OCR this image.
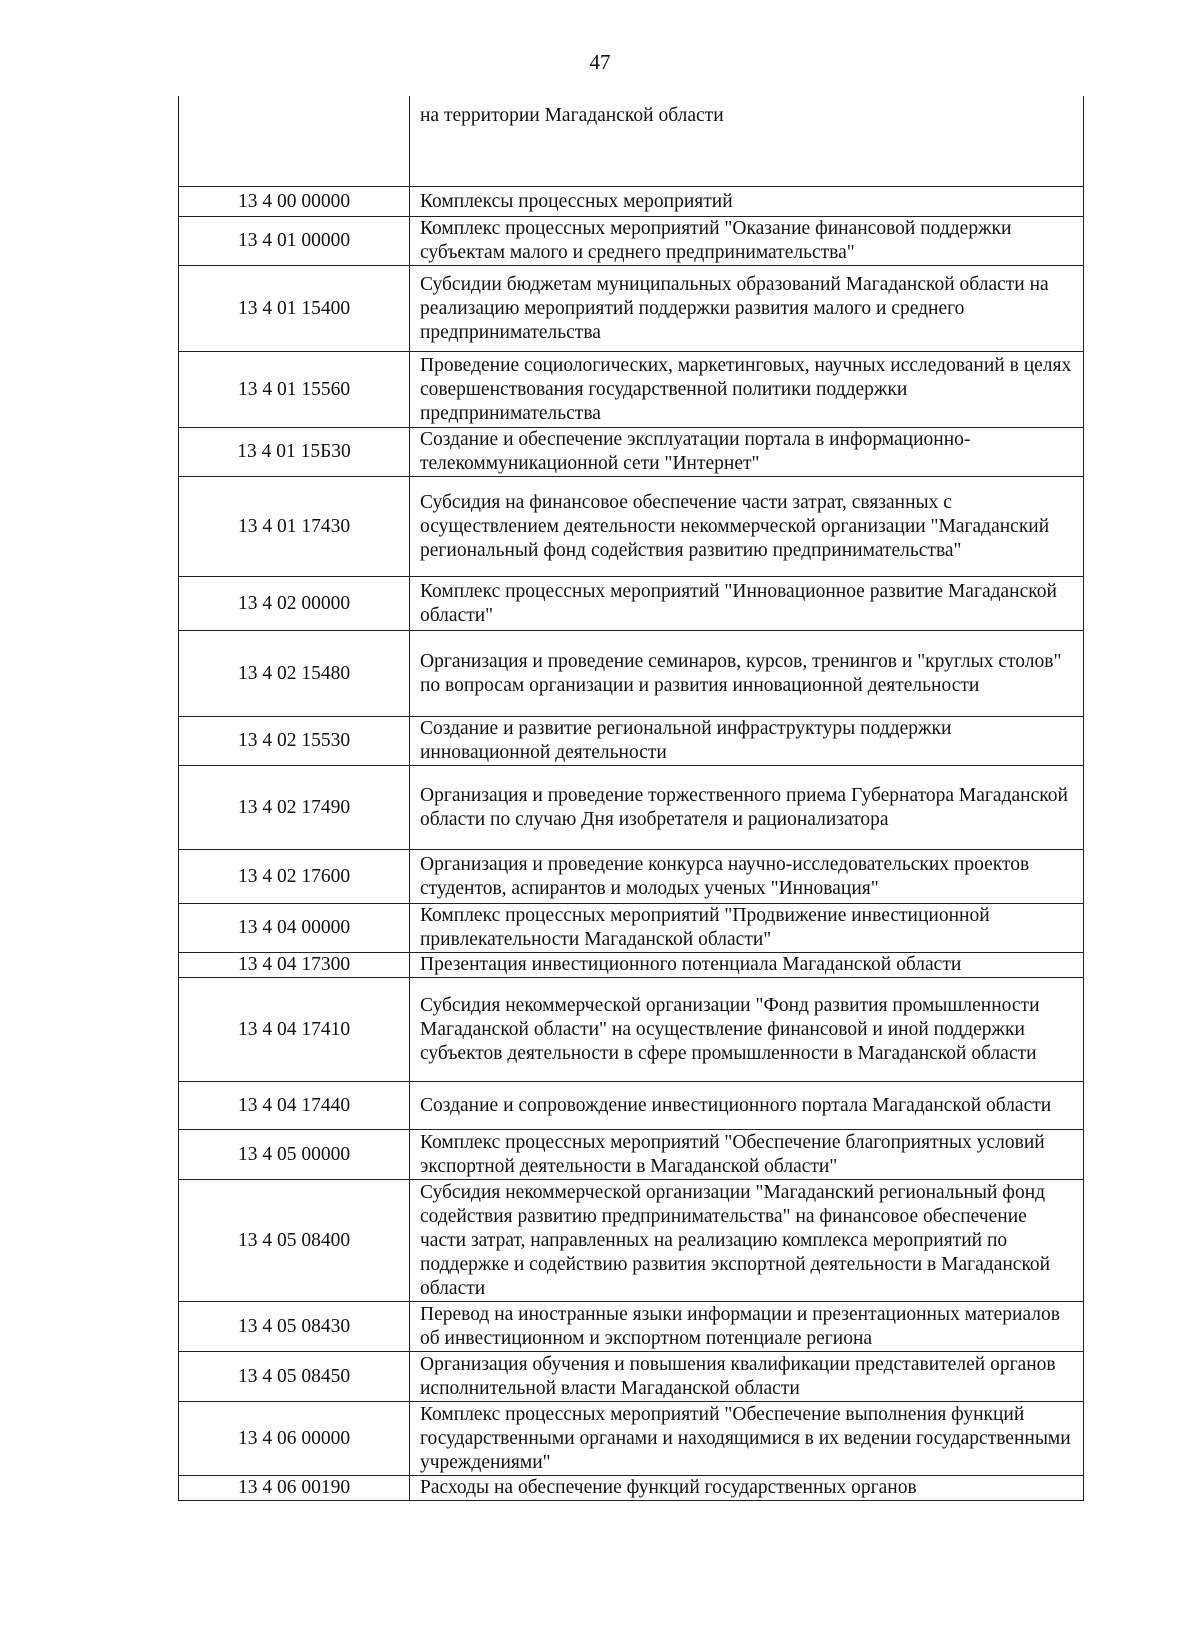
47
	на территории Магаданской области
13 4 00 00000	Комплексы процессных мероприятий
13 4 01 00000	Комплекс процессных мероприятий "Оказание финансовой поддержки субъектам малого и среднего предпринимательства"
13 4 01 15400	Субсидии бюджетам муниципальных образований Магаданской области на реализацию мероприятий поддержки развития малого и среднего предпринимательства
13 4 01 15560	Проведение социологических, маркетинговых, научных исследований в целях совершенствования государственной политики поддержки предпринимательства
13 4 01 15Б30	Создание и обеспечение эксплуатации портала в информационно-телекоммуникационной сети "Интернет"
13 4 01 17430	Субсидия на финансовое обеспечение части затрат, связанных с осуществлением деятельности некоммерческой организации "Магаданский региональный фонд содействия развитию предпринимательства"
13 4 02 00000	Комплекс процессных мероприятий "Инновационное развитие Магаданской области"
13 4 02 15480	Организация и проведение семинаров, курсов, тренингов и "круглых столов" по вопросам организации и развития инновационной деятельности
13 4 02 15530	Создание и развитие региональной инфраструктуры поддержки инновационной деятельности
13 4 02 17490	Организация и проведение торжественного приема Губернатора Магаданской области по случаю Дня изобретателя и рационализатора
13 4 02 17600	Организация и проведение конкурса научно-исследовательских проектов студентов, аспирантов и молодых ученых "Инновация"
13 4 04 00000	Комплекс процессных мероприятий "Продвижение инвестиционной привлекательности Магаданской области"
13 4 04 17300	Презентация инвестиционного потенциала Магаданской области
13 4 04 17410	Субсидия некоммерческой организации "Фонд развития промышленности Магаданской области" на осуществление финансовой и иной поддержки субъектов деятельности в сфере промышленности в Магаданской области
13 4 04 17440	Создание и сопровождение инвестиционного портала Магаданской области
13 4 05 00000	Комплекс процессных мероприятий "Обеспечение благоприятных условий экспортной деятельности в Магаданской области"
13 4 05 08400	Субсидия некоммерческой организации "Магаданский региональный фонд содействия развитию предпринимательства" на финансовое обеспечение части затрат, направленных на реализацию комплекса мероприятий по поддержке и содействию развития экспортной деятельности в Магаданской области
13 4 05 08430	Перевод на иностранные языки информации и презентационных материалов об инвестиционном и экспортном потенциале региона
13 4 05 08450	Организация обучения и повышения квалификации представителей органов исполнительной власти Магаданской области
13 4 06 00000	Комплекс процессных мероприятий "Обеспечение выполнения функций государственными органами и находящимися в их ведении государственными учреждениями"
13 4 06 00190	Расходы на обеспечение функций государственных органов
